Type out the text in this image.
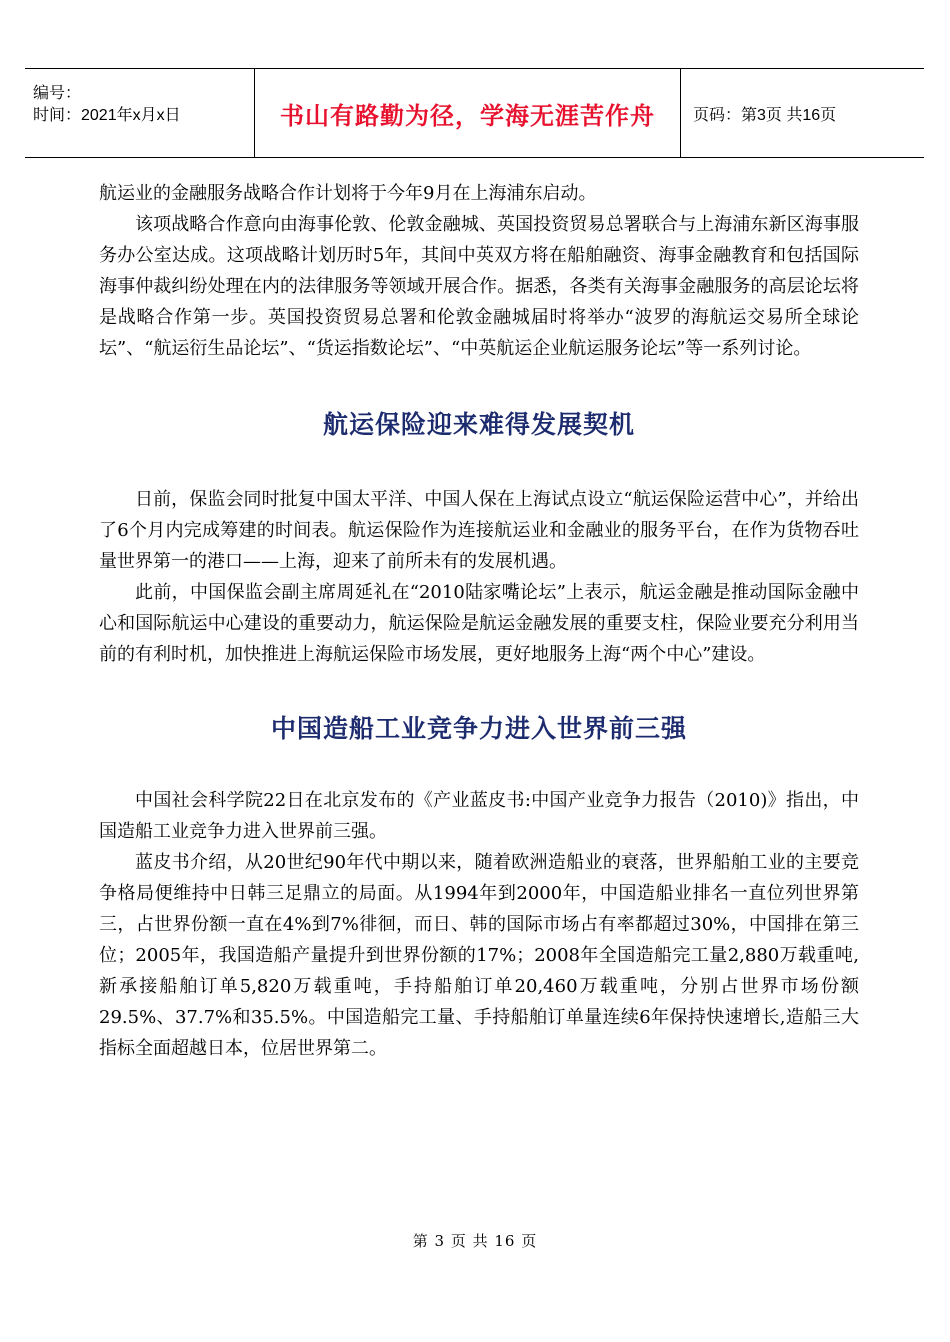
编号：
时间：2021年x月x日	书山有路勤为径，学海无涯苦作舟 页码：第3页 共16页

航运业的金融服务战略合作计划将于今年9月在上海浦东启动。

该项战略合作意向由海事伦敦、伦敦金融城、英国投资贸易总署联合与上海浦东新区海事服务办公室达成。这项战略计划历时5年，其间中英双方将在船舶融资、海事金融教育和包括国际海事仲裁纠纷处理在内的法律服务等领域开展合作。据悉，各类有关海事金融服务的高层论坛将是战略合作第一步。英国投资贸易总署和伦敦金融城届时将举办“波罗的海航运交易所全球论坛”、“航运衍生品论坛”、“货运指数论坛”、“中英航运企业航运服务论坛”等一系列讨论。

航运保险迎来难得发展契机

日前，保监会同时批复中国太平洋、中国人保在上海试点设立“航运保险运营中心”，并给出了6个月内完成筹建的时间表。航运保险作为连接航运业和金融业的服务平台，在作为货物吞吐量世界第一的港口——上海，迎来了前所未有的发展机遇。

此前，中国保监会副主席周延礼在“2010陆家嘴论坛”上表示，航运金融是推动国际金融中心和国际航运中心建设的重要动力，航运保险是航运金融发展的重要支柱，保险业要充分利用当前的有利时机，加快推进上海航运保险市场发展，更好地服务上海“两个中心”建设。

中国造船工业竞争力进入世界前三强

中国社会科学院22日在北京发布的《产业蓝皮书:中国产业竞争力报告（2010)》指出，中国造船工业竞争力进入世界前三强。

蓝皮书介绍，从20世纪90年代中期以来，随着欧洲造船业的衰落，世界船舶工业的主要竞争格局便维持中日韩三足鼎立的局面。从1994年到2000年，中国造船业排名一直位列世界第三，占世界份额一直在4%到7%徘徊，而日、韩的国际市场占有率都超过30%，中国排在第三位；2005年，我国造船产量提升到世界份额的17%；2008年全国造船完工量2,880万载重吨,新承接船舶订单5,820万载重吨，手持船舶订单20,460万载重吨，分别占世界市场份额29.5%、37.7%和35.5%。中国造船完工量、手持船舶订单量连续6年保持快速增长,造船三大指标全面超越日本，位居世界第二。

第 3 页 共 16 页
